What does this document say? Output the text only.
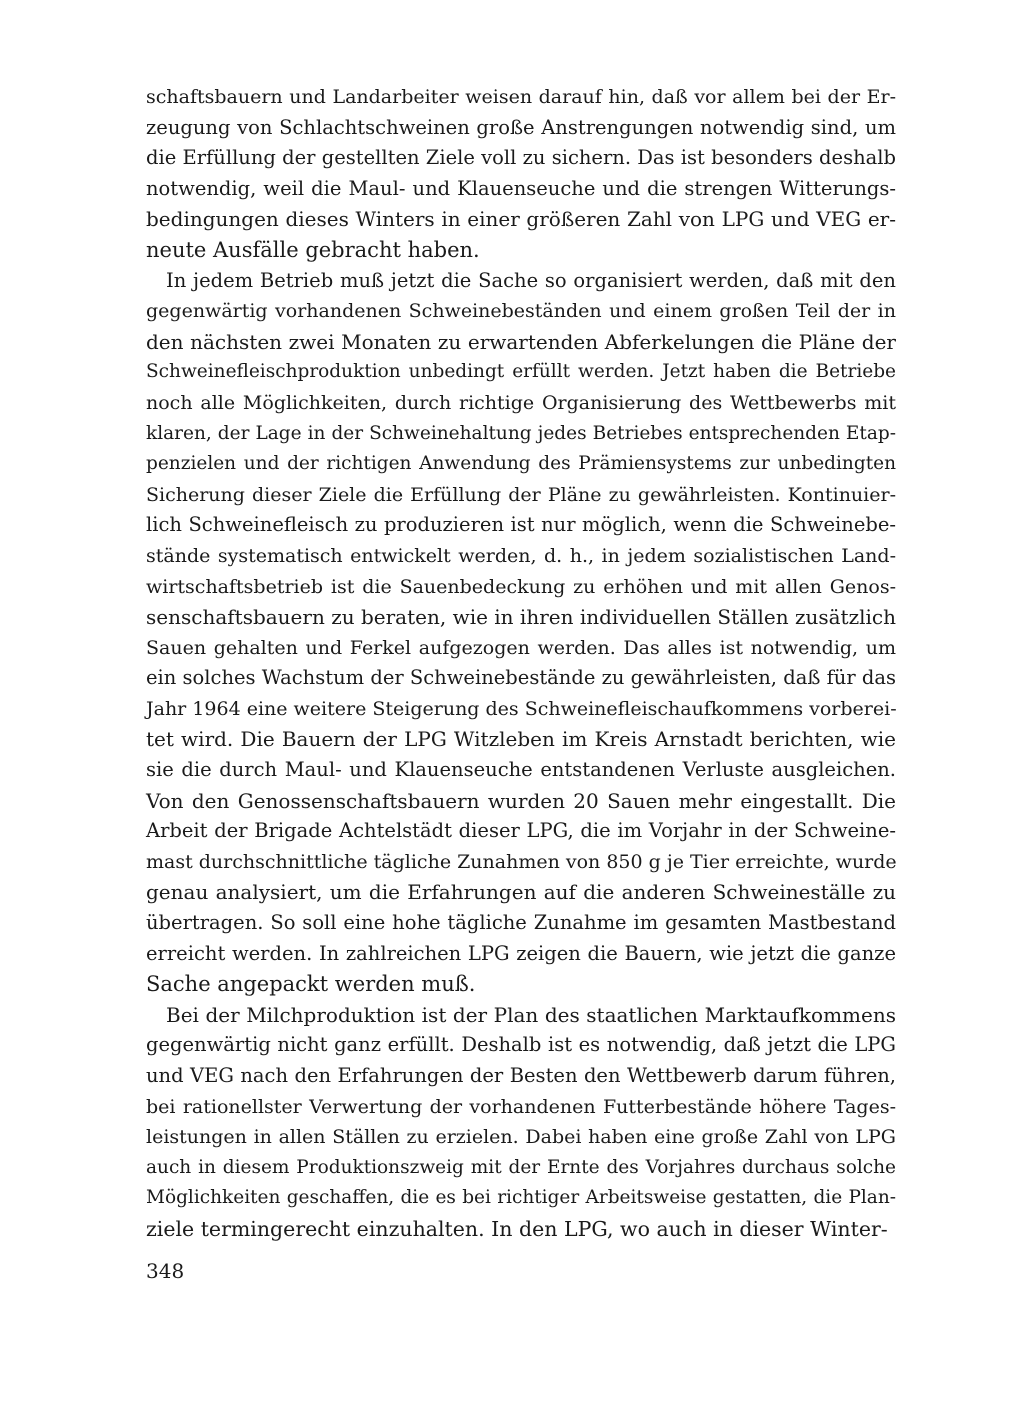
schaftsbauern und Landarbeiter weisen darauf hin, daß vor allem bei der Er-
zeugung von Schlachtschweinen große Anstrengungen notwendig sind, um
die Erfüllung der gestellten Ziele voll zu sichern. Das ist besonders deshalb
notwendig, weil die Maul- und Klauenseuche und die strengen Witterungs-
bedingungen dieses Winters in einer größeren Zahl von LPG und VEG er-
neute Ausfälle gebracht haben.
In jedem Betrieb muß jetzt die Sache so organisiert werden, daß mit den
gegenwärtig vorhandenen Schweinebeständen und einem großen Teil der in
den nächsten zwei Monaten zu erwartenden Abferkelungen die Pläne der
Schweinefleischproduktion unbedingt erfüllt werden. Jetzt haben die Betriebe
noch alle Möglichkeiten, durch richtige Organisierung des Wettbewerbs mit
klaren, der Lage in der Schweinehaltung jedes Betriebes entsprechenden Etap-
penzielen und der richtigen Anwendung des Prämiensystems zur unbedingten
Sicherung dieser Ziele die Erfüllung der Pläne zu gewährleisten. Kontinuier-
lich Schweinefleisch zu produzieren ist nur möglich, wenn die Schweinebe-
stände systematisch entwickelt werden, d. h., in jedem sozialistischen Land-
wirtschaftsbetrieb ist die Sauenbedeckung zu erhöhen und mit allen Genos-
senschaftsbauern zu beraten, wie in ihren individuellen Ställen zusätzlich
Sauen gehalten und Ferkel aufgezogen werden. Das alles ist notwendig, um
ein solches Wachstum der Schweinebestände zu gewährleisten, daß für das
Jahr 1964 eine weitere Steigerung des Schweinefleischaufkommens vorberei-
tet wird. Die Bauern der LPG Witzleben im Kreis Arnstadt berichten, wie
sie die durch Maul- und Klauenseuche entstandenen Verluste ausgleichen.
Von den Genossenschaftsbauern wurden 20 Sauen mehr eingestallt. Die
Arbeit der Brigade Achtelstädt dieser LPG, die im Vorjahr in der Schweine-
mast durchschnittliche tägliche Zunahmen von 850 g je Tier erreichte, wurde
genau analysiert, um die Erfahrungen auf die anderen Schweineställe zu
übertragen. So soll eine hohe tägliche Zunahme im gesamten Mastbestand
erreicht werden. In zahlreichen LPG zeigen die Bauern, wie jetzt die ganze
Sache angepackt werden muß.
Bei der Milchproduktion ist der Plan des staatlichen Marktaufkommens
gegenwärtig nicht ganz erfüllt. Deshalb ist es notwendig, daß jetzt die LPG
und VEG nach den Erfahrungen der Besten den Wettbewerb darum führen,
bei rationellster Verwertung der vorhandenen Futterbestände höhere Tages-
leistungen in allen Ställen zu erzielen. Dabei haben eine große Zahl von LPG
auch in diesem Produktionszweig mit der Ernte des Vorjahres durchaus solche
Möglichkeiten geschaffen, die es bei richtiger Arbeitsweise gestatten, die Plan-
ziele termingerecht einzuhalten. In den LPG, wo auch in dieser Winter-
348
